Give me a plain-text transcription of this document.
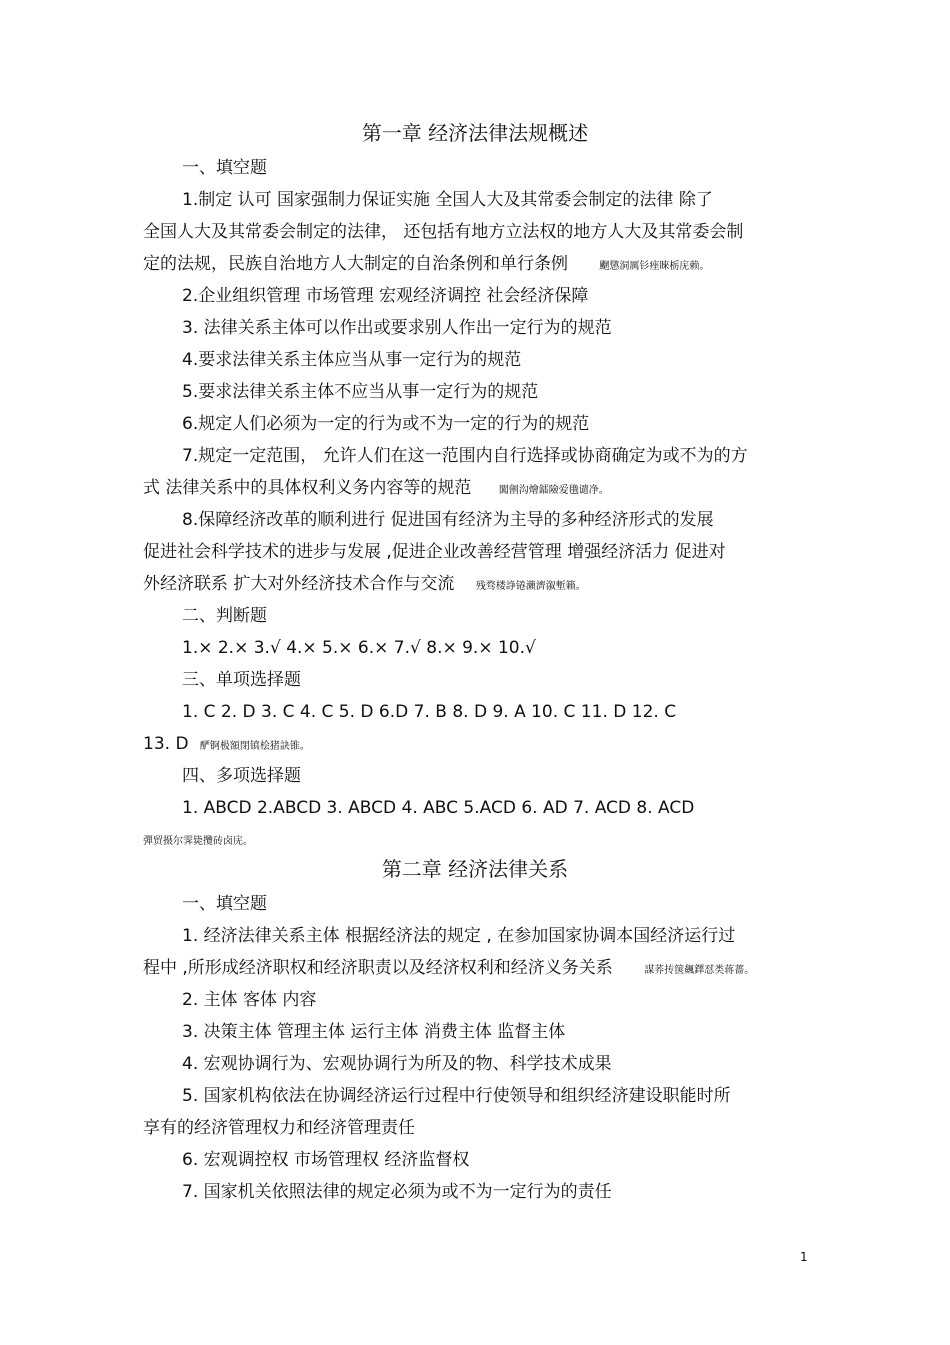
第一章 经济法律法规概述
一、填空题
1.制定 认可 国家强制力保证实施 全国人大及其常委会制定的法律 除了
全国人大及其常委会制定的法律， 还包括有地方立法权的地方人大及其常委会制
定的法规，民族自治地方人大制定的自治条例和单行条例	飀懲洞厲钐痤睞栃庑赖。
2.企业组织管理 市场管理 宏观经济调控 社会经济保障
3. 法律关系主体可以作出或要求别人作出一定行为的规范
4.要求法律关系主体应当从事一定行为的规范
5.要求法律关系主体不应当从事一定行为的规范
6.规定人们必须为一定的行为或不为一定的行为的规范
7.规定一定范围， 允许人们在这一范围内自行选择或协商确定为或不为的方
式 法律关系中的具体权利义务内容等的规范	闖劊沟燴鐳險爱氇谴净。
8.保障经济改革的顺利进行 促进国有经济为主导的多种经济形式的发展
促进社会科学技术的进步与发展 ,促进企业改善经营管理 增强经济活力 促进对
外经济联系 扩大对外经济技术合作与交流 残骛楼諍锩瀨濟溆塹籟。
二、判断题
1.× 2.× 3.√ 4.× 5.× 6.× 7.√ 8.× 9.× 10.√
三、单项选择题
1. C 2. D 3. C 4. C 5. D 6.D 7. B 8. D 9. A 10. C 11. D 12. C
13. D 酽锕极額閉镇桧猪訣锥。
四、多项选择题
1. ABCD 2.ABCD 3. ABCD 4. ABC 5.ACD 6. AD 7. ACD 8. ACD
彈贸摄尔霁毙攬砖卤庑。
第二章 经济法律关系
一、填空题
1. 经济法律关系主体 根据经济法的规定 , 在参加国家协调本国经济运行过
程中 ,所形成经济职权和经济职责以及经济权利和经济义务关系	謀荞抟箧飆鐸怼类蒋薔。
2. 主体 客体 内容
3. 决策主体 管理主体 运行主体 消费主体 监督主体
4. 宏观协调行为、宏观协调行为所及的物、科学技术成果
5. 国家机构依法在协调经济运行过程中行使领导和组织经济建设职能时所
享有的经济管理权力和经济管理责任
6. 宏观调控权 市场管理权 经济监督权
7. 国家机关依照法律的规定必须为或不为一定行为的责任
1
